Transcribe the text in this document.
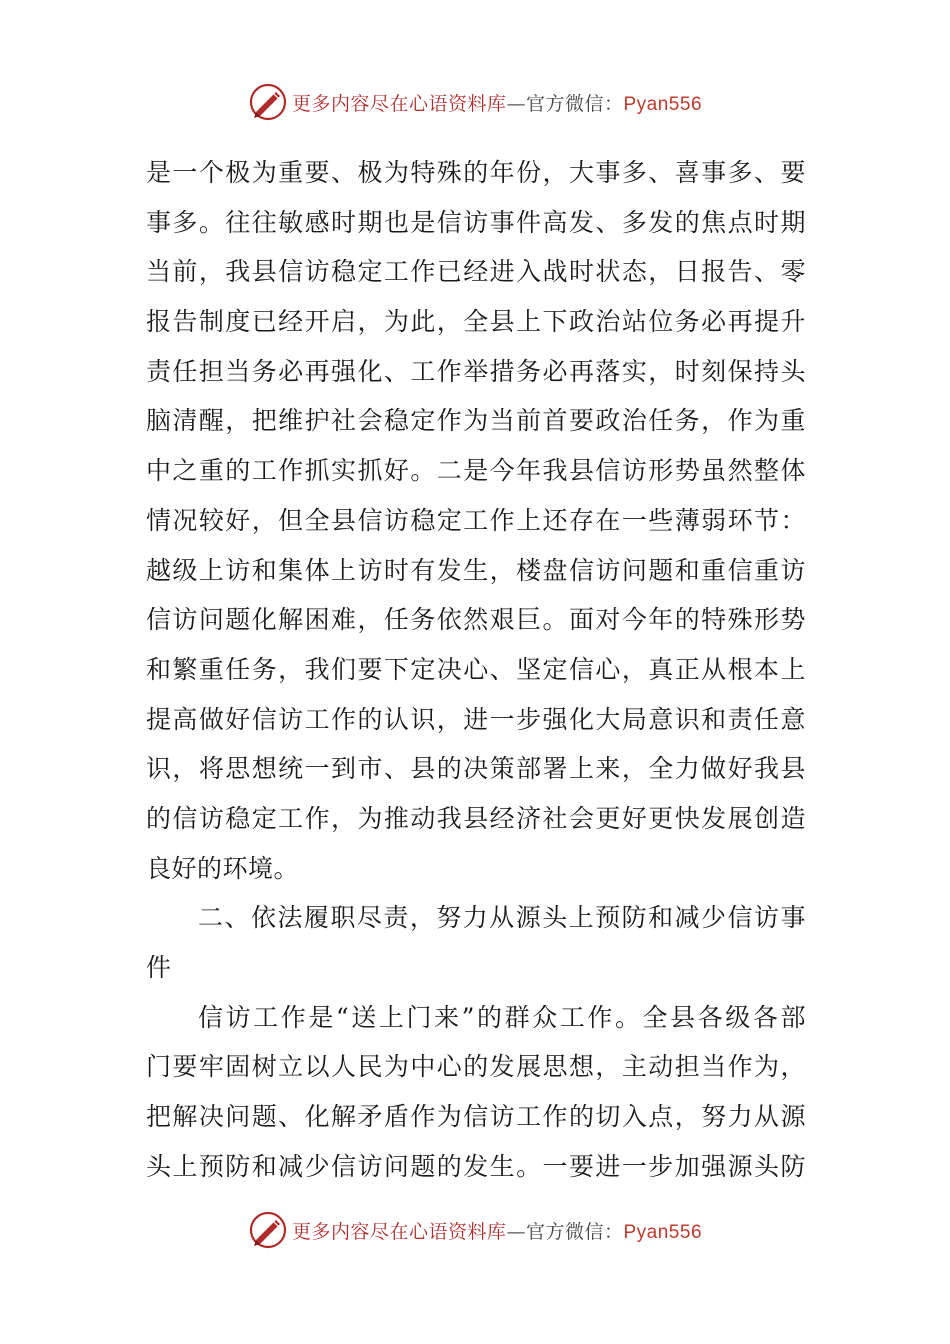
更多内容尽在心语资料库—官方微信：Pyan556
是一个极为重要、极为特殊的年份，大事多、喜事多、要
事多。往往敏感时期也是信访事件高发、多发的焦点时期
当前，我县信访稳定工作已经进入战时状态，日报告、零
报告制度已经开启，为此，全县上下政治站位务必再提升
责任担当务必再强化、工作举措务必再落实，时刻保持头
脑清醒，把维护社会稳定作为当前首要政治任务，作为重
中之重的工作抓实抓好。二是今年我县信访形势虽然整体
情况较好，但全县信访稳定工作上还存在一些薄弱环节：
越级上访和集体上访时有发生，楼盘信访问题和重信重访
信访问题化解困难，任务依然艰巨。面对今年的特殊形势
和繁重任务，我们要下定决心、坚定信心，真正从根本上
提高做好信访工作的认识，进一步强化大局意识和责任意
识，将思想统一到市、县的决策部署上来，全力做好我县
的信访稳定工作，为推动我县经济社会更好更快发展创造
良好的环境。
二、依法履职尽责，努力从源头上预防和减少信访事
件
信访工作是“送上门来”的群众工作。全县各级各部
门要牢固树立以人民为中心的发展思想，主动担当作为，
把解决问题、化解矛盾作为信访工作的切入点，努力从源
头上预防和减少信访问题的发生。一要进一步加强源头防
更多内容尽在心语资料库—官方微信：Pyan556
